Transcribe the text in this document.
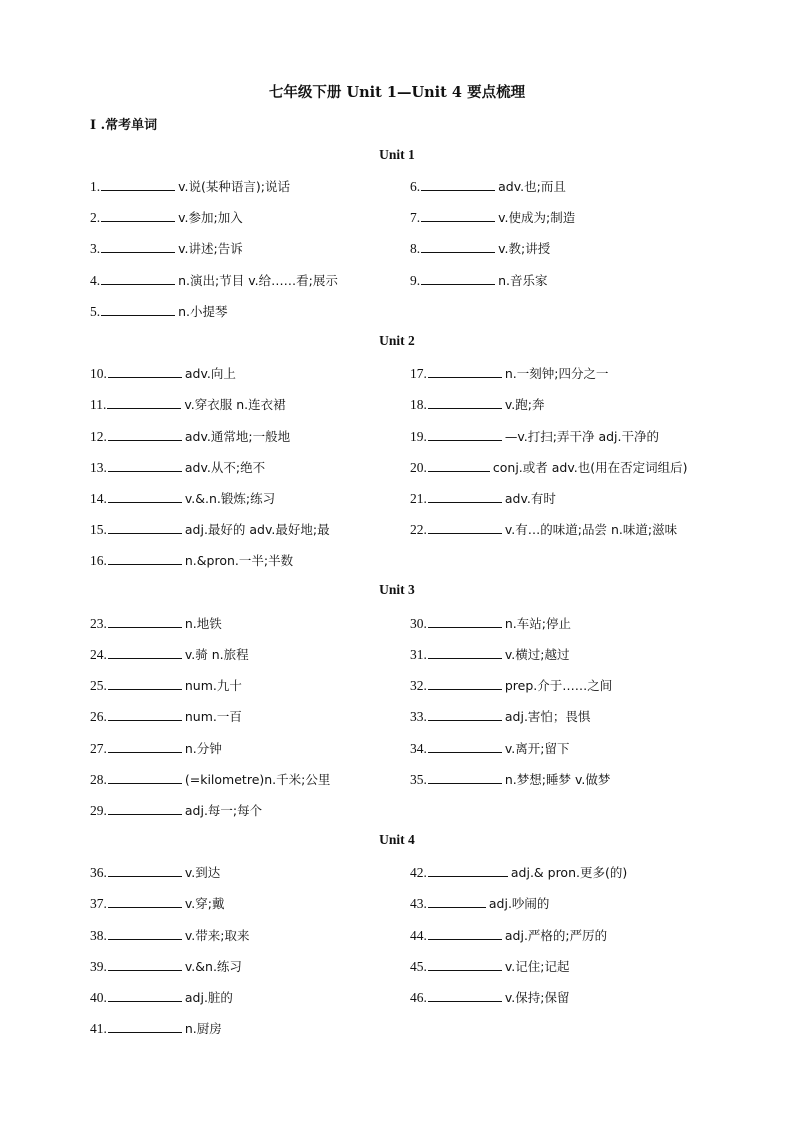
七年级下册 Unit 1—Unit 4 要点梳理
I .常考单词
Unit 1
Unit 2
Unit 3
Unit 4
1.	v.说(某种语言);说话
2.	v.参加;加入
3.	v.讲述;告诉
4.	n.演出;节目 v.给……看;展示
5.	n.小提琴
6.	adv.也;而且
7.	v.使成为;制造
8.	v.教;讲授
9.	n.音乐家
10.	adv.向上
11.	v.穿衣服 n.连衣裙
12.	adv.通常地;一般地
13.	adv.从不;绝不
14.	v.&.n.锻炼;练习
15.	adj.最好的 adv.最好地;最
16.	n.&pron.一半;半数
17.	n.一刻钟;四分之一
18.	v.跑;奔
19.	—v.打扫;弄干净 adj.干净的
20.	conj.或者 adv.也(用在否定词组后)
21.	adv.有时
22.	v.有…的味道;品尝 n.味道;滋味
23.	n.地铁
24.	v.骑 n.旅程
25.	num.九十
26.	num.一百
27.	n.分钟
28.	(=kilometre)n.千米;公里
29.	adj.每一;每个
30.	n.车站;停止
31.	v.横过;越过
32.	prep.介于……之间
33.	adj.害怕；畏惧
34.	v.离开;留下
35.	n.梦想;睡梦 v.做梦
36.	v.到达
37.	v.穿;戴
38.	v.带来;取来
39.	v.&n.练习
40.	adj.脏的
41.	n.厨房
42.	adj.& pron.更多(的)
43.	adj.吵闹的
44.	adj.严格的;严厉的
45.	v.记住;记起
46.	v.保持;保留
